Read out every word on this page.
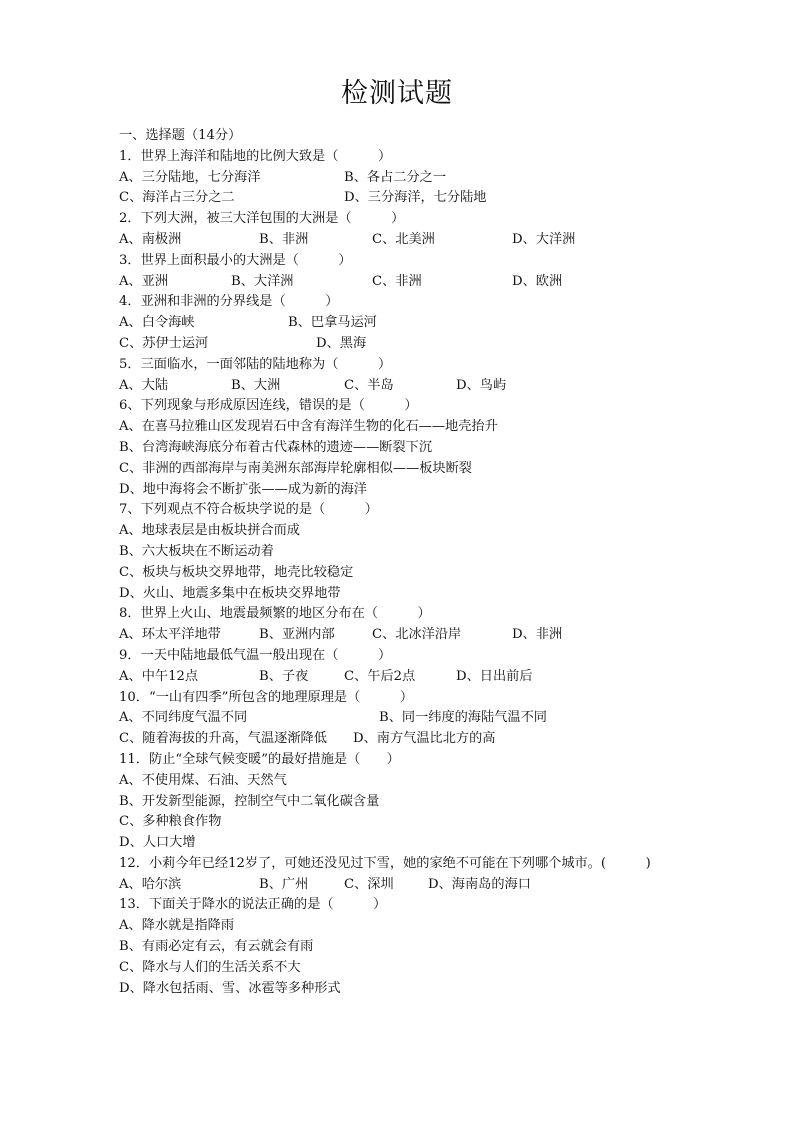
检测试题
一、选择题（14分）
1．世界上海洋和陆地的比例大致是（　　　）
A、三分陆地，七分海洋	B、各占二分之一
C、海洋占三分之二	D、三分海洋，七分陆地
2．下列大洲，被三大洋包围的大洲是（　　　）
A、南极洲	B、非洲	C、北美洲	D、大洋洲
3．世界上面积最小的大洲是（　　　）
A、亚洲	B、大洋洲	C、非洲	D、欧洲
4．亚洲和非洲的分界线是（　　　）
A、白令海峡	B、巴拿马运河
C、苏伊士运河	D、黑海
5．三面临水，一面邻陆的陆地称为（　　　）
A、大陆	B、大洲	C、半岛	D、鸟屿
6、下列现象与形成原因连线，错误的是（　　　）
A、在喜马拉雅山区发现岩石中含有海洋生物的化石——地壳抬升
B、台湾海峡海底分布着古代森林的遗迹——断裂下沉
C、非洲的西部海岸与南美洲东部海岸轮廓相似——板块断裂
D、地中海将会不断扩张——成为新的海洋
7、下列观点不符合板块学说的是（　　　）
A、地球表层是由板块拼合而成
B、六大板块在不断运动着
C、板块与板块交界地带，地壳比较稳定
D、火山、地震多集中在板块交界地带
8．世界上火山、地震最频繁的地区分布在（　　　）
A、环太平洋地带	B、亚洲内部	C、北冰洋沿岸	D、非洲
9．一天中陆地最低气温一般出现在（　　　）
A、中午12点	B、子夜	C、午后2点	D、日出前后
10．“一山有四季”所包含的地理原理是（　　　）
A、不同纬度气温不同	B、同一纬度的海陆气温不同
C、随着海拔的升高，气温逐渐降低 D、南方气温比北方的高
11．防止“全球气候变暖”的最好措施是（　　）
A、不使用煤、石油、天然气
B、开发新型能源，控制空气中二氧化碳含量
C、多种粮食作物
D、人口大增
12．小莉今年已经12岁了，可她还没见过下雪，她的家绝不可能在下列哪个城市。(　　　)
A、哈尔滨	B、广州	C、深圳	D、海南岛的海口
13．下面关于降水的说法正确的是（　　　）
A、降水就是指降雨
B、有雨必定有云，有云就会有雨
C、降水与人们的生活关系不大
D、降水包括雨、雪、冰雹等多种形式
